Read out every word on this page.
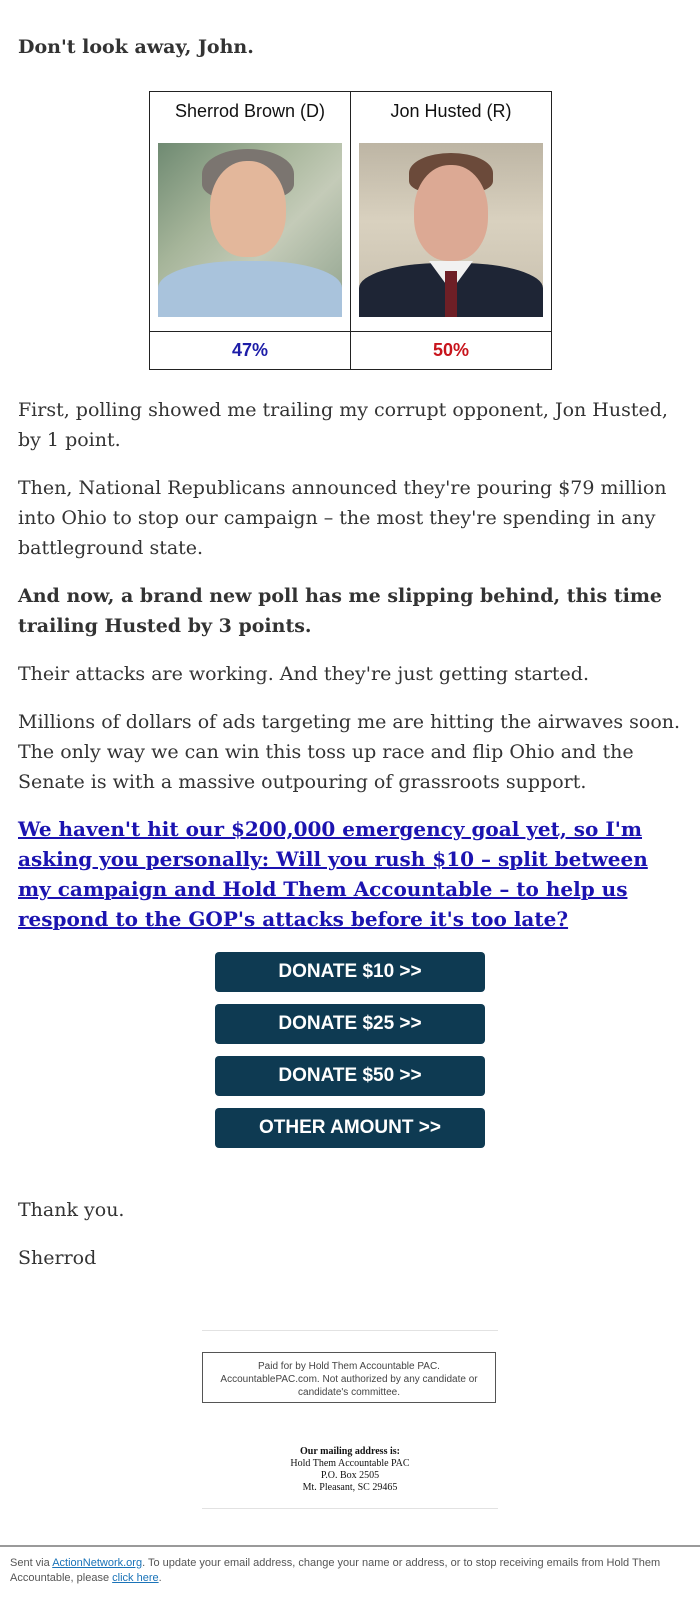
Don't look away, John.

Sherrod Brown (D)	Jon Husted (R)

47%	50%

First, polling showed me trailing my corrupt opponent, Jon Husted, by 1 point.

Then, National Republicans announced they're pouring $79 million into Ohio to stop our campaign – the most they're spending in any battleground state.

And now, a brand new poll has me slipping behind, this time trailing Husted by 3 points.

Their attacks are working. And they're just getting started.

Millions of dollars of ads targeting me are hitting the airwaves soon. The only way we can win this toss up race and flip Ohio and the Senate is with a massive outpouring of grassroots support.

We haven't hit our $200,000 emergency goal yet, so I'm asking you personally: Will you rush $10 – split between my campaign and Hold Them Accountable – to help us respond to the GOP's attacks before it's too late?

DONATE $10 >>
DONATE $25 >>
DONATE $50 >>
OTHER AMOUNT >>

Thank you.

Sherrod

Paid for by Hold Them Accountable PAC. AccountablePAC.com. Not authorized by any candidate or candidate's committee.
Our mailing address is:
Hold Them Accountable PAC
P.O. Box 2505
Mt. Pleasant, SC 29465
Sent via ActionNetwork.org. To update your email address, change your name or address, or to stop receiving emails from Hold Them Accountable, please click here.
